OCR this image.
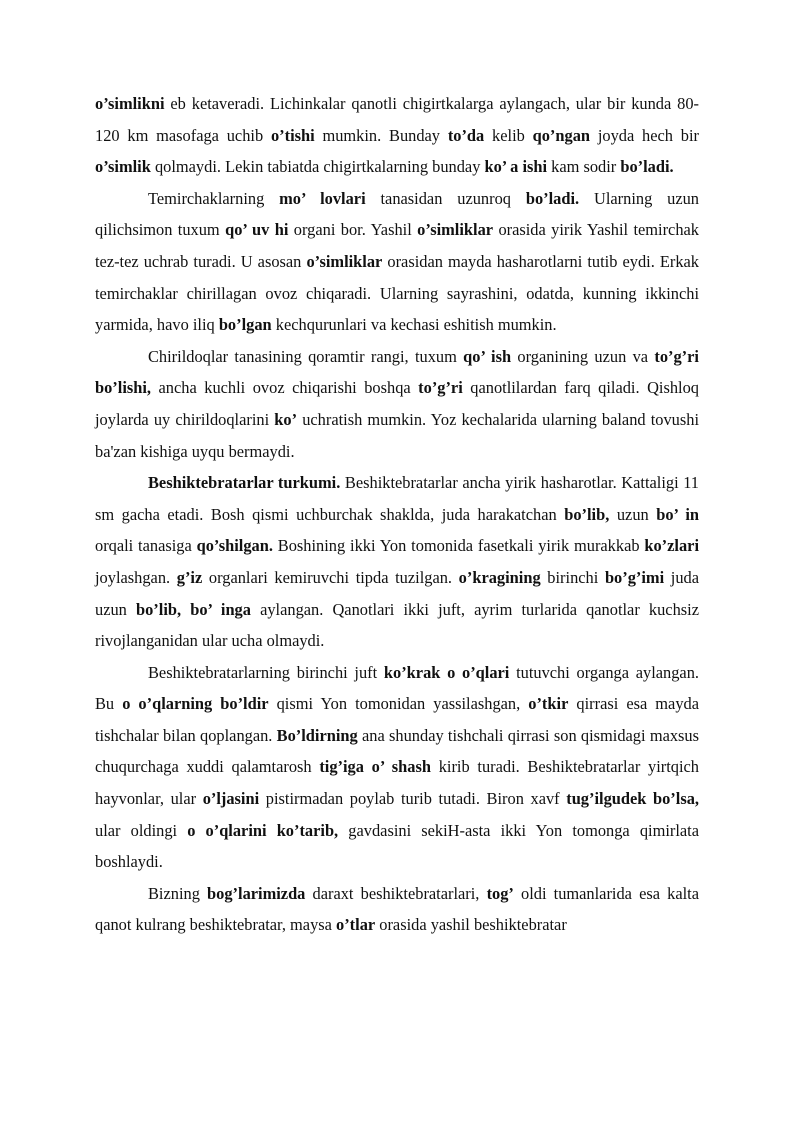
o’simlikni eb ketaveradi. Lichinkalar qanotli chigirtkalarga aylangach, ular bir kunda 80-120 km masofaga uchib o’tishi mumkin. Bunday to’da kelib qo’ngan joyda hech bir o’simlik qolmaydi. Lekin tabiatda chigirtkalarning bunday ko’ a ishi kam sodir bo’ladi.

Temirchaklarning mo’ lovlari tanasidan uzunroq bo’ladi. Ularning uzun qilichsimon tuxum qo’ uv hi organi bor. Yashil o’simliklar orasida yirik Yashil temirchak tez-tez uchrab turadi. U asosan o’simliklar orasidan mayda hasharotlarni tutib eydi. Erkak temirchaklar chirillagan ovoz chiqaradi. Ularning sayrashini, odatda, kunning ikkinchi yarmida, havo iliq bo’lgan kechqurunlari va kechasi eshitish mumkin.

Chirildoqlar tanasining qoramtir rangi, tuxum qo’ ish organining uzun va to’g’ri bo’lishi, ancha kuchli ovoz chiqarishi boshqa to’g’ri qanotlilardan farq qiladi. Qishloq joylarda uy chirildoqlarini ko’ uchratish mumkin. Yoz kechalarida ularning baland tovushi ba'zan kishiga uyqu bermaydi.

Beshiktebratarlar turkumi. Beshiktebratarlar ancha yirik hasharotlar. Kattaligi 11 sm gacha etadi. Bosh qismi uchburchak shaklda, juda harakatchan bo’lib, uzun bo’ in orqali tanasiga qo’shilgan. Boshining ikki Yon tomonida fasetkali yirik murakkab ko’zlari joylashgan. g’iz organlari kemiruvchi tipda tuzilgan. o’kragining birinchi bo’g’imi juda uzun bo’lib, bo’ inga aylangan. Qanotlari ikki juft, ayrim turlarida qanotlar kuchsiz rivojlanganidan ular ucha olmaydi.

Beshiktebratarlarning birinchi juft ko’krak o o’qlari tutuvchi organga aylangan. Bu o o’qlarning bo’ldir qismi Yon tomonidan yassilashgan, o’tkir qirrasi esa mayda tishchalar bilan qoplangan. Bo’ldirning ana shunday tishchali qirrasi son qismidagi maxsus chuqurchaga xuddi qalamtarosh tig’iga o’ shash kirib turadi. Beshiktebratarlar yirtqich hayvonlar, ular o’ljasini pistirmadan poylab turib tutadi. Biron xavf tug’ilgudek bo’lsa, ular oldingi o o’qlarini ko’tarib, gavdasini sekiH-asta ikki Yon tomonga qimirlata boshlaydi.

Bizning bog’larimizda daraxt beshiktebratarlari, tog’ oldi tumanlarida esa kalta qanot kulrang beshiktebratar, maysa o’tlar orasida yashil beshiktebratar
